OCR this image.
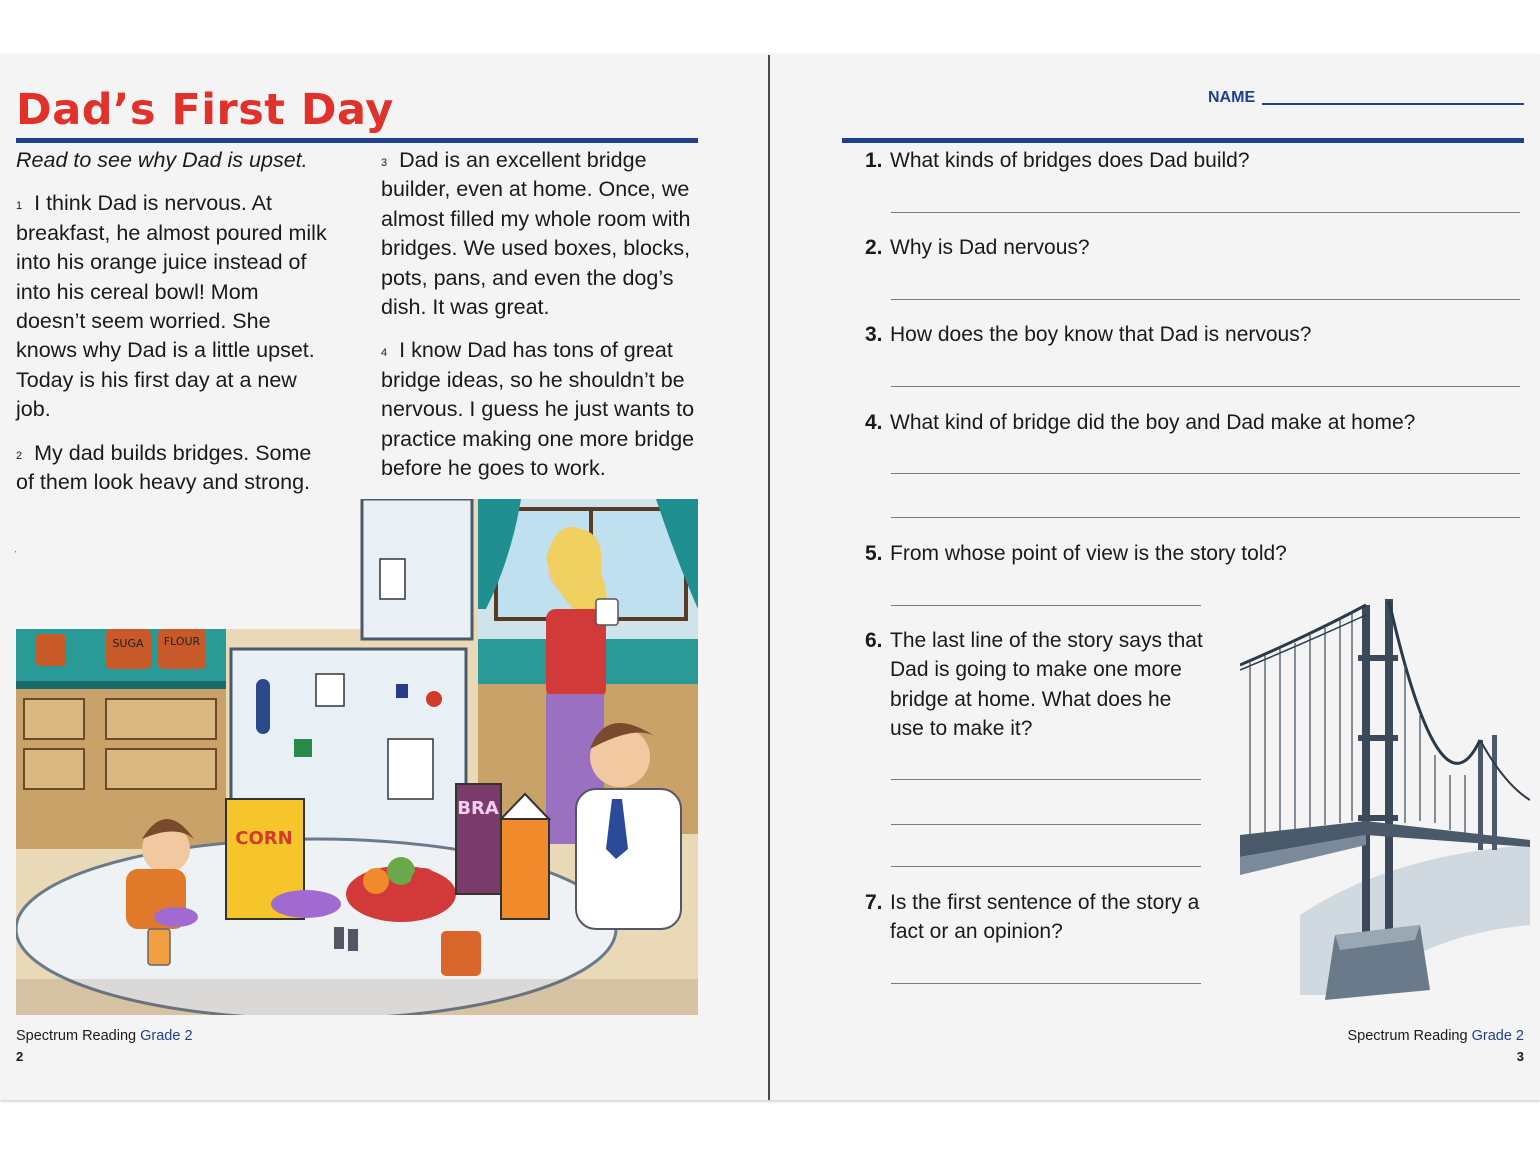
Dad’s First Day

Read to see why Dad is upset.

$^1$ I think Dad is nervous. At breakfast, he almost poured milk into his orange juice instead of into his cereal bowl! Mom doesn’t seem worried. She knows why Dad is a little upset. Today is his first day at a new job.

$^2$ My dad builds bridges. Some of them look heavy and strong.

$^3$ Dad is an excellent bridge builder, even at home. Once, we almost filled my whole room with bridges. We used boxes, blocks, pots, pans, and even the dog’s dish. It was great.

$^4$ I know Dad has tons of great bridge ideas, so he shouldn’t be nervous. I guess he just wants to practice making one more bridge before he goes to work.

SUGA FLOUR
CORN
BRA
Spectrum Reading Grade 2
2
NAME
1. What kinds of bridges does Dad build?
2. Why is Dad nervous?
3. How does the boy know that Dad is nervous?
4. What kind of bridge did the boy and Dad make at home?
5. From whose point of view is the story told?
6. The last line of the story says that Dad is going to make one more bridge at home. What does he use to make it?
7. Is the first sentence of the story a fact or an opinion?
Spectrum Reading Grade 2
3
